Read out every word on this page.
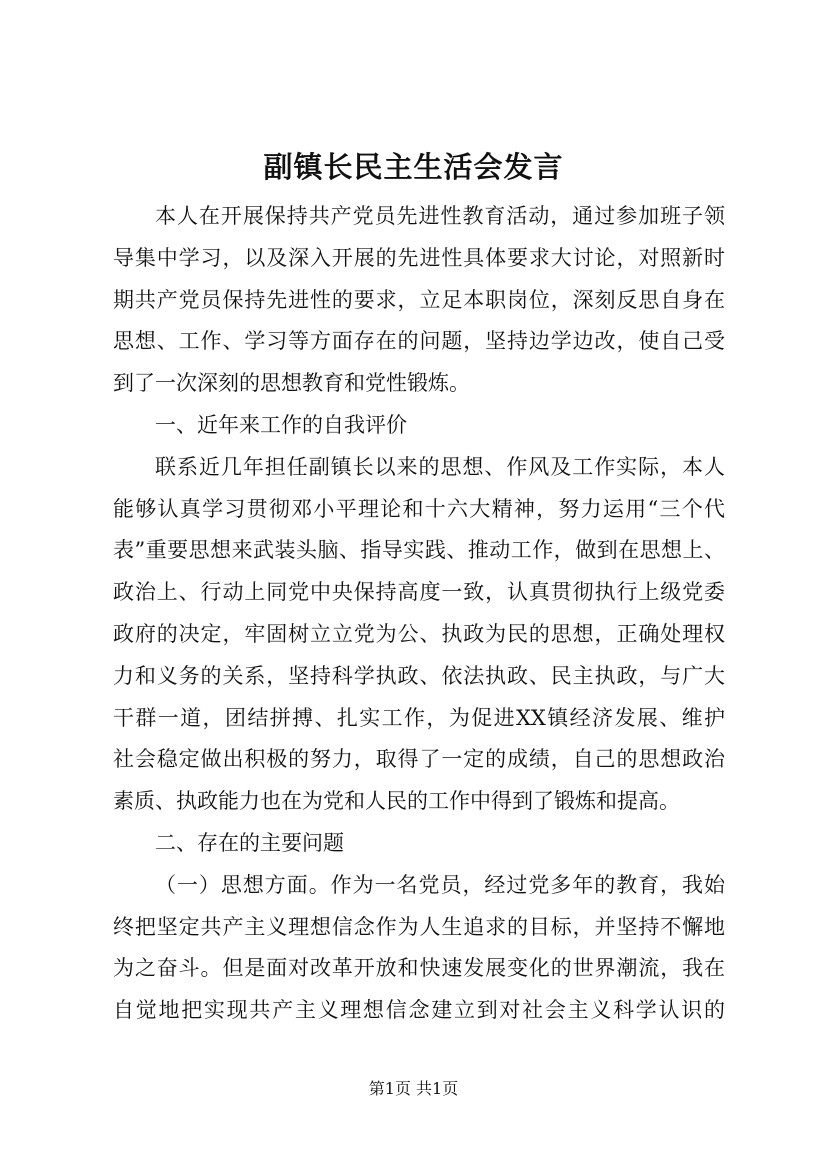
副镇长民主生活会发言
本人在开展保持共产党员先进性教育活动，通过参加班子领
导集中学习，以及深入开展的先进性具体要求大讨论，对照新时
期共产党员保持先进性的要求，立足本职岗位，深刻反思自身在
思想、工作、学习等方面存在的问题，坚持边学边改，使自己受
到了一次深刻的思想教育和党性锻炼。
一、近年来工作的自我评价
联系近几年担任副镇长以来的思想、作风及工作实际，本人
能够认真学习贯彻邓小平理论和十六大精神，努力运用“三个代
表”重要思想来武装头脑、指导实践、推动工作，做到在思想上、
政治上、行动上同党中央保持高度一致，认真贯彻执行上级党委
政府的决定，牢固树立立党为公、执政为民的思想，正确处理权
力和义务的关系，坚持科学执政、依法执政、民主执政，与广大
干群一道，团结拼搏、扎实工作，为促进XX镇经济发展、维护
社会稳定做出积极的努力，取得了一定的成绩，自己的思想政治
素质、执政能力也在为党和人民的工作中得到了锻炼和提高。
二、存在的主要问题
（一）思想方面。作为一名党员，经过党多年的教育，我始
终把坚定共产主义理想信念作为人生追求的目标，并坚持不懈地
为之奋斗。但是面对改革开放和快速发展变化的世界潮流，我在
自觉地把实现共产主义理想信念建立到对社会主义科学认识的
第1页 共1页
